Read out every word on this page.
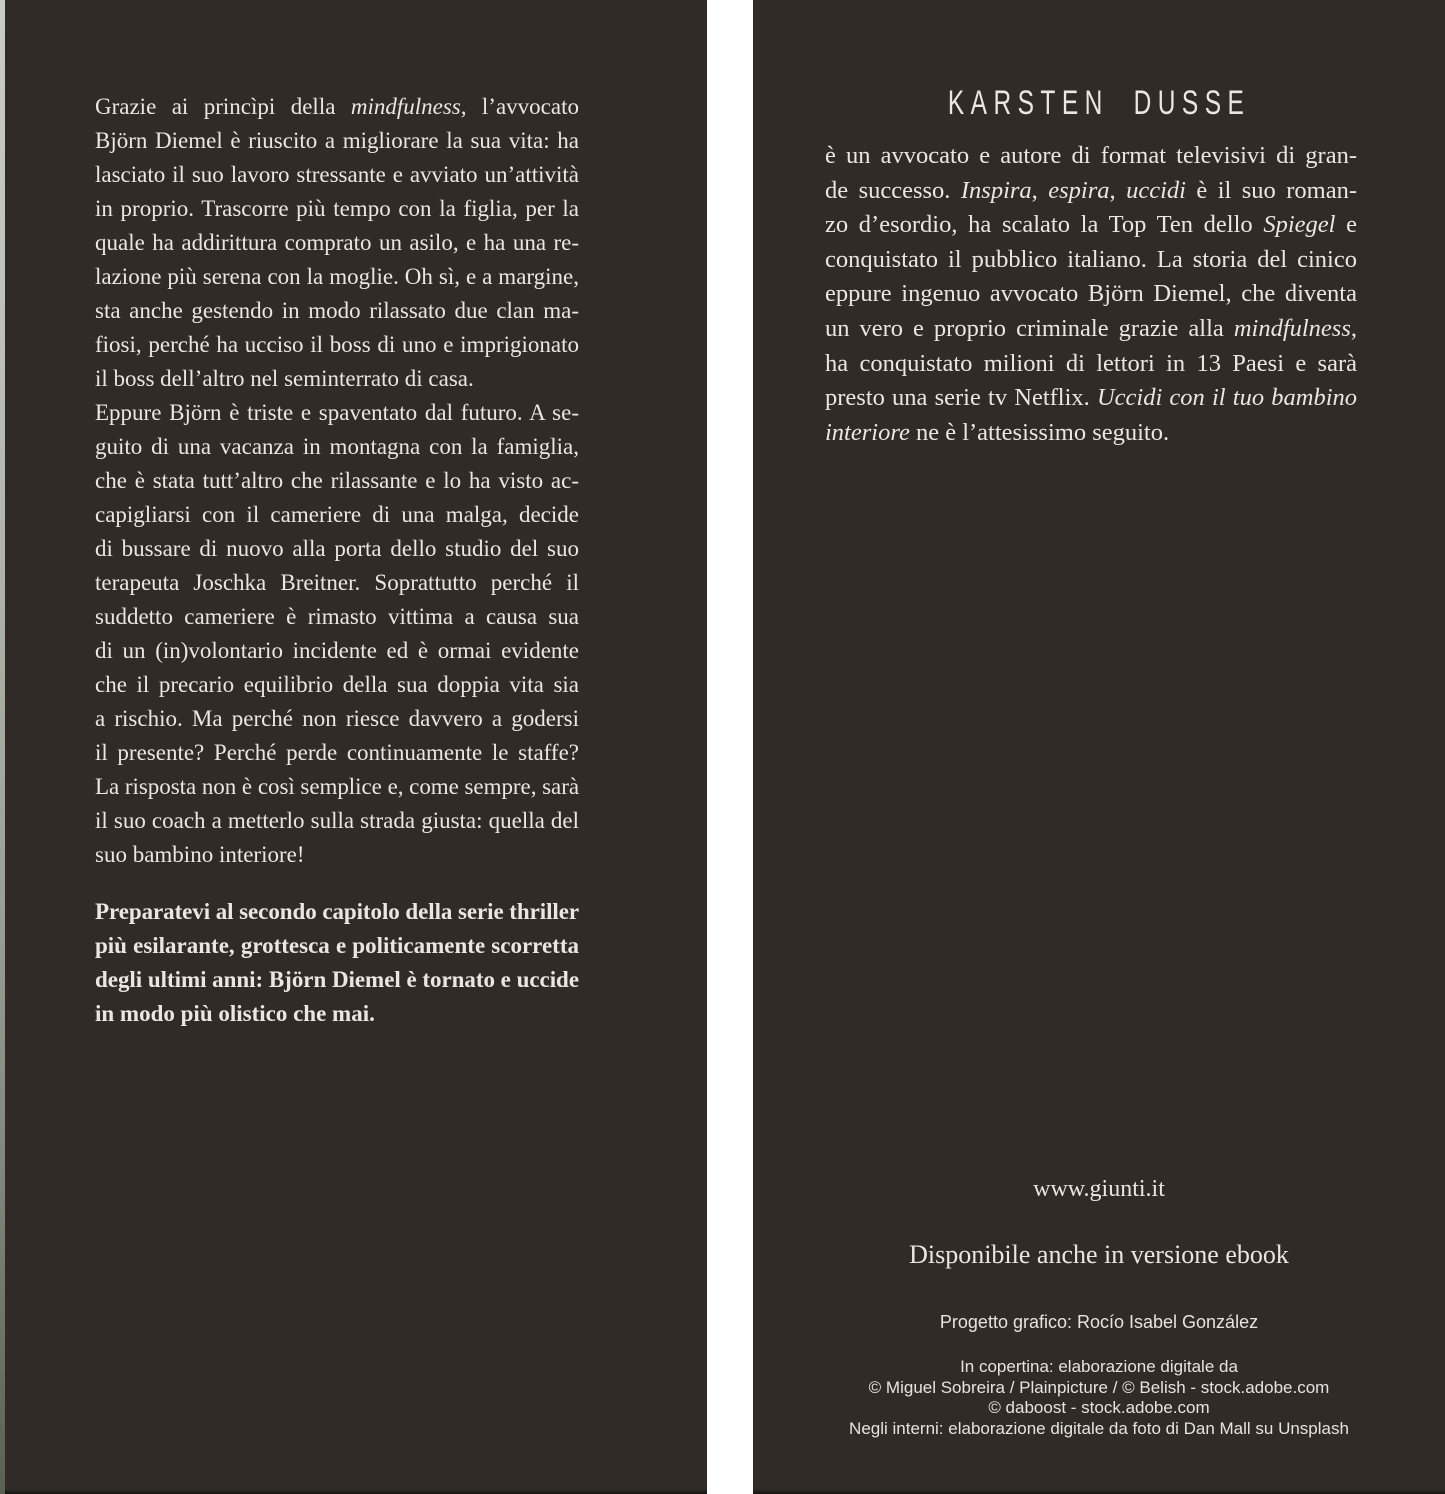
Grazie ai princìpi della mindfulness, l’avvocato
Björn Diemel è riuscito a migliorare la sua vita: ha
lasciato il suo lavoro stressante e avviato un’attività
in proprio. Trascorre più tempo con la figlia, per la
quale ha addirittura comprato un asilo, e ha una re-
lazione più serena con la moglie. Oh sì, e a margine,
sta anche gestendo in modo rilassato due clan ma-
fiosi, perché ha ucciso il boss di uno e imprigionato
il boss dell’altro nel seminterrato di casa.
Eppure Björn è triste e spaventato dal futuro. A se-
guito di una vacanza in montagna con la famiglia,
che è stata tutt’altro che rilassante e lo ha visto ac-
capigliarsi con il cameriere di una malga, decide
di bussare di nuovo alla porta dello studio del suo
terapeuta Joschka Breitner. Soprattutto perché il
suddetto cameriere è rimasto vittima a causa sua
di un (in)volontario incidente ed è ormai evidente
che il precario equilibrio della sua doppia vita sia
a rischio. Ma perché non riesce davvero a godersi
il presente? Perché perde continuamente le staffe?
La risposta non è così semplice e, come sempre, sarà
il suo coach a metterlo sulla strada giusta: quella del
suo bambino interiore!
Preparatevi al secondo capitolo della serie thriller
più esilarante, grottesca e politicamente scorretta
degli ultimi anni: Björn Diemel è tornato e uccide
in modo più olistico che mai.
KARSTEN DUSSE
è un avvocato e autore di format televisivi di gran-
de successo. Inspira, espira, uccidi è il suo roman-
zo d’esordio, ha scalato la Top Ten dello Spiegel e
conquistato il pubblico italiano. La storia del cinico
eppure ingenuo avvocato Björn Diemel, che diventa
un vero e proprio criminale grazie alla mindfulness,
ha conquistato milioni di lettori in 13 Paesi e sarà
presto una serie tv Netflix. Uccidi con il tuo bambino
interiore ne è l’attesissimo seguito.
www.giunti.it
Disponibile anche in versione ebook
Progetto grafico: Rocío Isabel González
In copertina: elaborazione digitale da
© Miguel Sobreira / Plainpicture / © Belish - stock.adobe.com
© daboost - stock.adobe.com
Negli interni: elaborazione digitale da foto di Dan Mall su Unsplash
